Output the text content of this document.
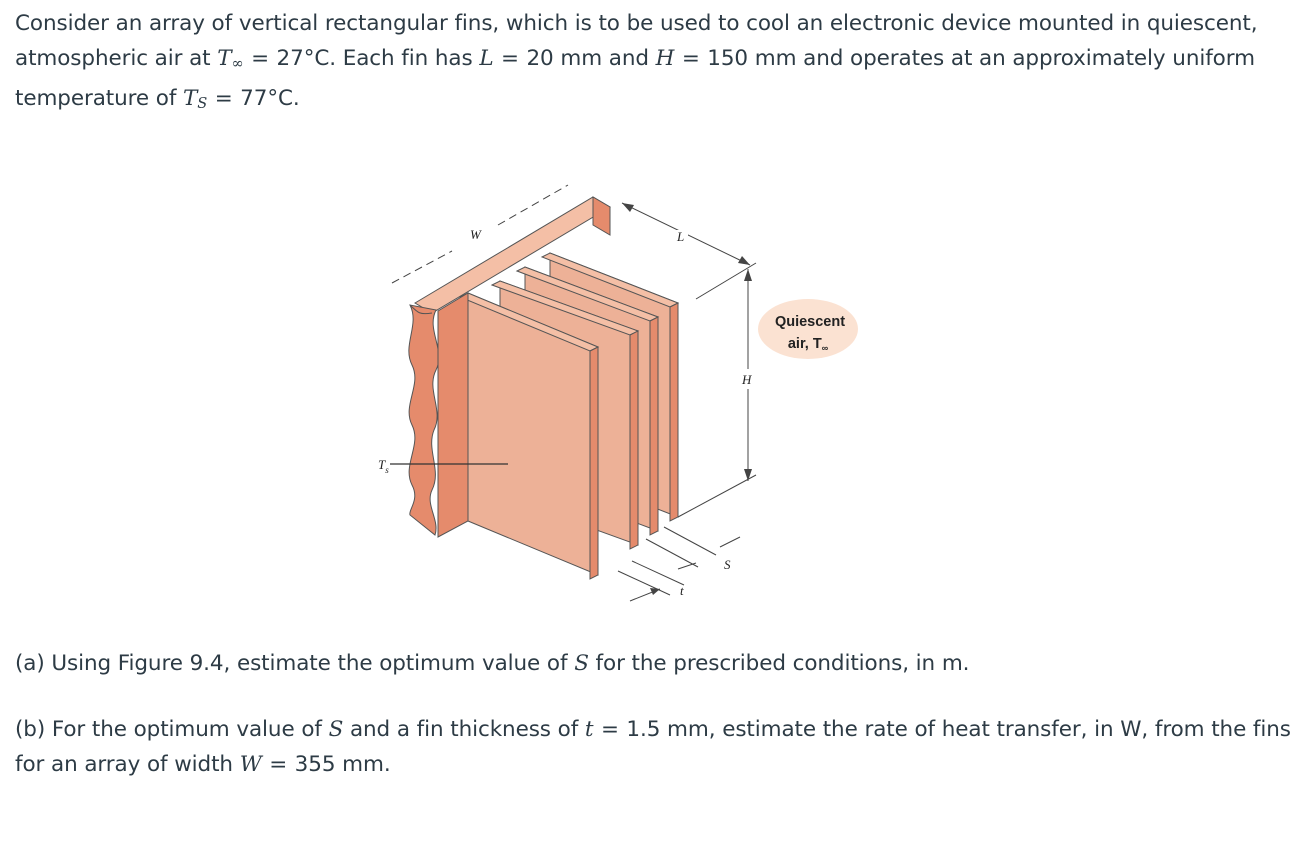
Consider an array of vertical rectangular fins, which is to be used to cool an electronic device mounted in quiescent, atmospheric air at $T_\infty = 27^\circ C$. Each fin has L = 20 mm and H = 150 mm and operates at an approximately uniform temperature of $T_S = 77^\circ C$.
W	L
H
$T_s$
S
t
Quiescent
air, $T_\infty$
(a) Using Figure 9.4, estimate the optimum value of S for the prescribed conditions, in m.
(b) For the optimum value of S and a fin thickness of t = 1.5 mm, estimate the rate of heat transfer, in W, from the fins for an array of width W = 355 mm.
